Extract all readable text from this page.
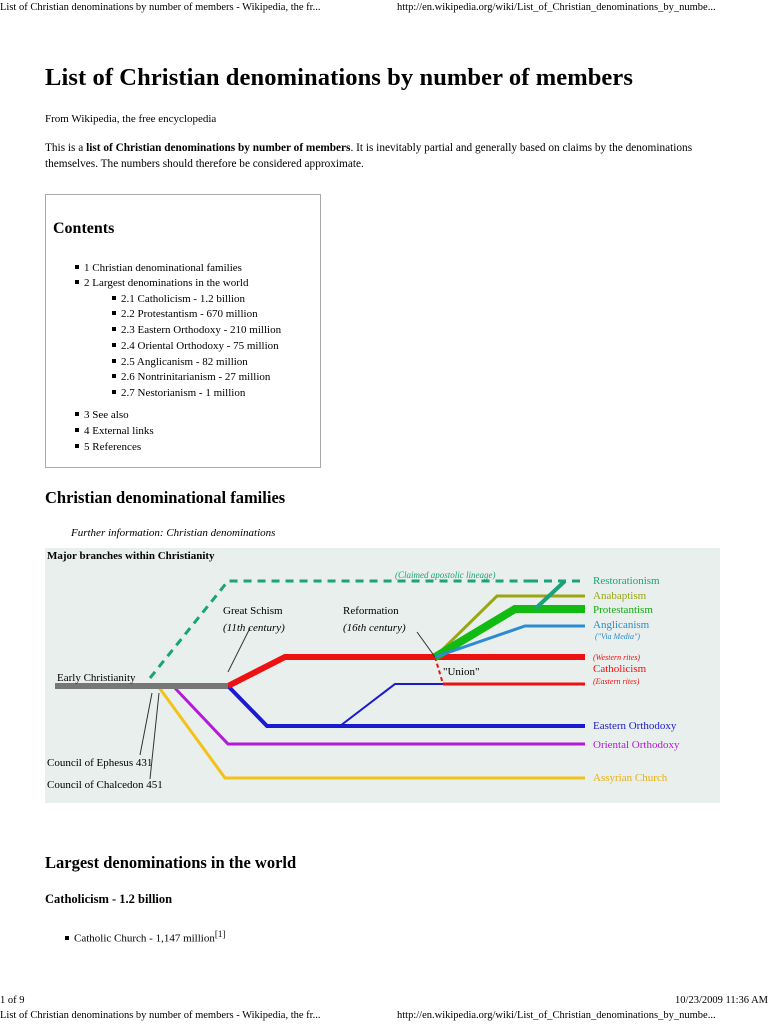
List of Christian denominations by number of members - Wikipedia, the fr...	http://en.wikipedia.org/wiki/List_of_Christian_denominations_by_numbe...
List of Christian denominations by number of members
From Wikipedia, the free encyclopedia

This is a list of Christian denominations by number of members. It is inevitably partial and generally based on claims by the denominations themselves. The numbers should therefore be considered approximate.

Contents
1 Christian denominational families
2 Largest denominations in the world
2.1 Catholicism - 1.2 billion
2.2 Protestantism - 670 million
2.3 Eastern Orthodoxy - 210 million
2.4 Oriental Orthodoxy - 75 million
2.5 Anglicanism - 82 million
2.6 Nontrinitarianism - 27 million
2.7 Nestorianism - 1 million
3 See also
4 External links
5 References
Christian denominational families
Further information: Christian denominations
Major branches within Christianity
(Claimed apostolic lineage)
Great Schism
(11th century)
Reformation
(16th century)
Early Christianity	"Union"
Council of Ephesus 431
Council of Chalcedon 451
Restorationism
Anabaptism
Protestantism
Anglicanism
("Via Media")
(Western rites)
Catholicism
(Eastern rites)
Eastern Orthodoxy
Oriental Orthodoxy
Assyrian Church
Largest denominations in the world
Catholicism - 1.2 billion
Catholic Church - 1,147 million[1]
1 of 9	10/23/2009 11:36 AM
List of Christian denominations by number of members - Wikipedia, the fr...	http://en.wikipedia.org/wiki/List_of_Christian_denominations_by_numbe...
